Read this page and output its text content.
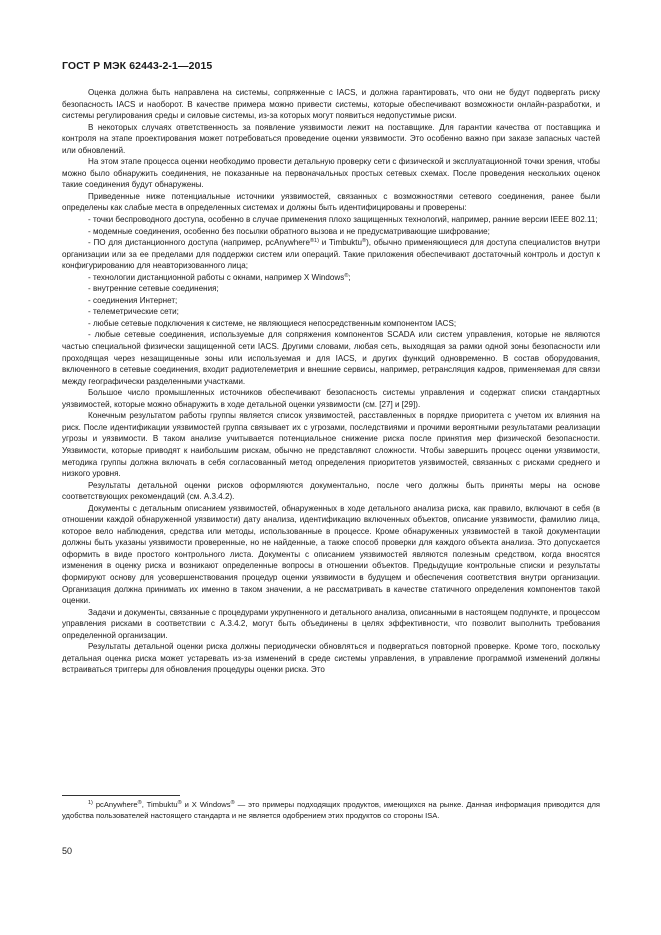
ГОСТ Р МЭК 62443-2-1—2015

Оценка должна быть направлена на системы, сопряженные с IACS, и должна гарантировать, что они не будут подвергать риску безопасность IACS и наоборот. В качестве примера можно привести системы, которые обеспечивают возможности онлайн-разработки, и системы регулирования среды и силовые системы, из-за которых могут появиться недопустимые риски.

В некоторых случаях ответственность за появление уязвимости лежит на поставщике. Для гарантии качества от поставщика и контроля на этапе проектирования может потребоваться проведение оценки уязвимости. Это особенно важно при заказе запасных частей или обновлений.

На этом этапе процесса оценки необходимо провести детальную проверку сети с физической и эксплуатационной точки зрения, чтобы можно было обнаружить соединения, не показанные на первоначальных простых сетевых схемах. После проведения нескольких оценок такие соединения будут обнаружены.

Приведенные ниже потенциальные источники уязвимостей, связанных с возможностями сетевого соединения, ранее были определены как слабые места в определенных системах и должны быть идентифицированы и проверены:

- точки беспроводного доступа, особенно в случае применения плохо защищенных технологий, например, ранние версии IEEE 802.11;

- модемные соединения, особенно без посылки обратного вызова и не предусматривающие шифрование;

- ПО для дистанционного доступа (например, pcAnywhere$^{®1)}$ и Timbuktu®), обычно применяющиеся для доступа специалистов внутри организации или за ее пределами для поддержки систем или операций. Такие приложения обеспечивают достаточный контроль и доступ к конфигурированию для неавторизованного лица;

- технологии дистанционной работы с окнами, например X Windows®;

- внутренние сетевые соединения;

- соединения Интернет;

- телеметрические сети;

- любые сетевые подключения к системе, не являющиеся непосредственным компонентом IACS;

- любые сетевые соединения, используемые для сопряжения компонентов SCADA или систем управления, которые не являются частью специальной физически защищенной сети IACS. Другими словами, любая сеть, выходящая за рамки одной зоны безопасности или проходящая через незащищенные зоны или используемая и для IACS, и других функций одновременно. В состав оборудования, включенного в сетевые соединения, входит радиотелеметрия и внешние сервисы, например, ретрансляция кадров, применяемая для связи между географически разделенными участками.

Большое число промышленных источников обеспечивают безопасность системы управления и содержат списки стандартных уязвимостей, которые можно обнаружить в ходе детальной оценки уязвимости (см. [27] и [29]).

Конечным результатом работы группы является список уязвимостей, расставленных в порядке приоритета с учетом их влияния на риск. После идентификации уязвимостей группа связывает их с угрозами, последствиями и прочими вероятными результатами реализации угрозы и уязвимости. В таком анализе учитывается потенциальное снижение риска после принятия мер физической безопасности. Уязвимости, которые приводят к наибольшим рискам, обычно не представляют сложности. Чтобы завершить процесс оценки уязвимости, методика группы должна включать в себя согласованный метод определения приоритетов уязвимостей, связанных с рисками среднего и низкого уровня.

Результаты детальной оценки рисков оформляются документально, после чего должны быть приняты меры на основе соответствующих рекомендаций (см. А.3.4.2).

Документы с детальным описанием уязвимостей, обнаруженных в ходе детального анализа риска, как правило, включают в себя (в отношении каждой обнаруженной уязвимости) дату анализа, идентификацию включенных объектов, описание уязвимости, фамилию лица, которое вело наблюдения, средства или методы, использованные в процессе. Кроме обнаруженных уязвимостей в такой документации должны быть указаны уязвимости проверенные, но не найденные, а также способ проверки для каждого объекта анализа. Это допускается оформить в виде простого контрольного листа. Документы с описанием уязвимостей являются полезным средством, когда вносятся изменения в оценку риска и возникают определенные вопросы в отношении объектов. Предыдущие контрольные списки и результаты формируют основу для усовершенствования процедур оценки уязвимости в будущем и обеспечения соответствия внутри организации. Организация должна принимать их именно в таком значении, а не рассматривать в качестве статичного определения компонентов такой оценки.

Задачи и документы, связанные с процедурами укрупненного и детального анализа, описанными в настоящем подпункте, и процессом управления рисками в соответствии с А.3.4.2, могут быть объединены в целях эффективности, что позволит выполнить требования определенной организации.

Результаты детальной оценки риска должны периодически обновляться и подвергаться повторной проверке. Кроме того, поскольку детальная оценка риска может устаревать из-за изменений в среде системы управления, в управление программой изменений должны встраиваться триггеры для обновления процедуры оценки риска. Это

$^{1)}$ pcAnywhere®, Timbuktu® и X Windows® — это примеры подходящих продуктов, имеющихся на рынке. Данная информация приводится для удобства пользователей настоящего стандарта и не является одобрением этих продуктов со стороны ISA.

50
